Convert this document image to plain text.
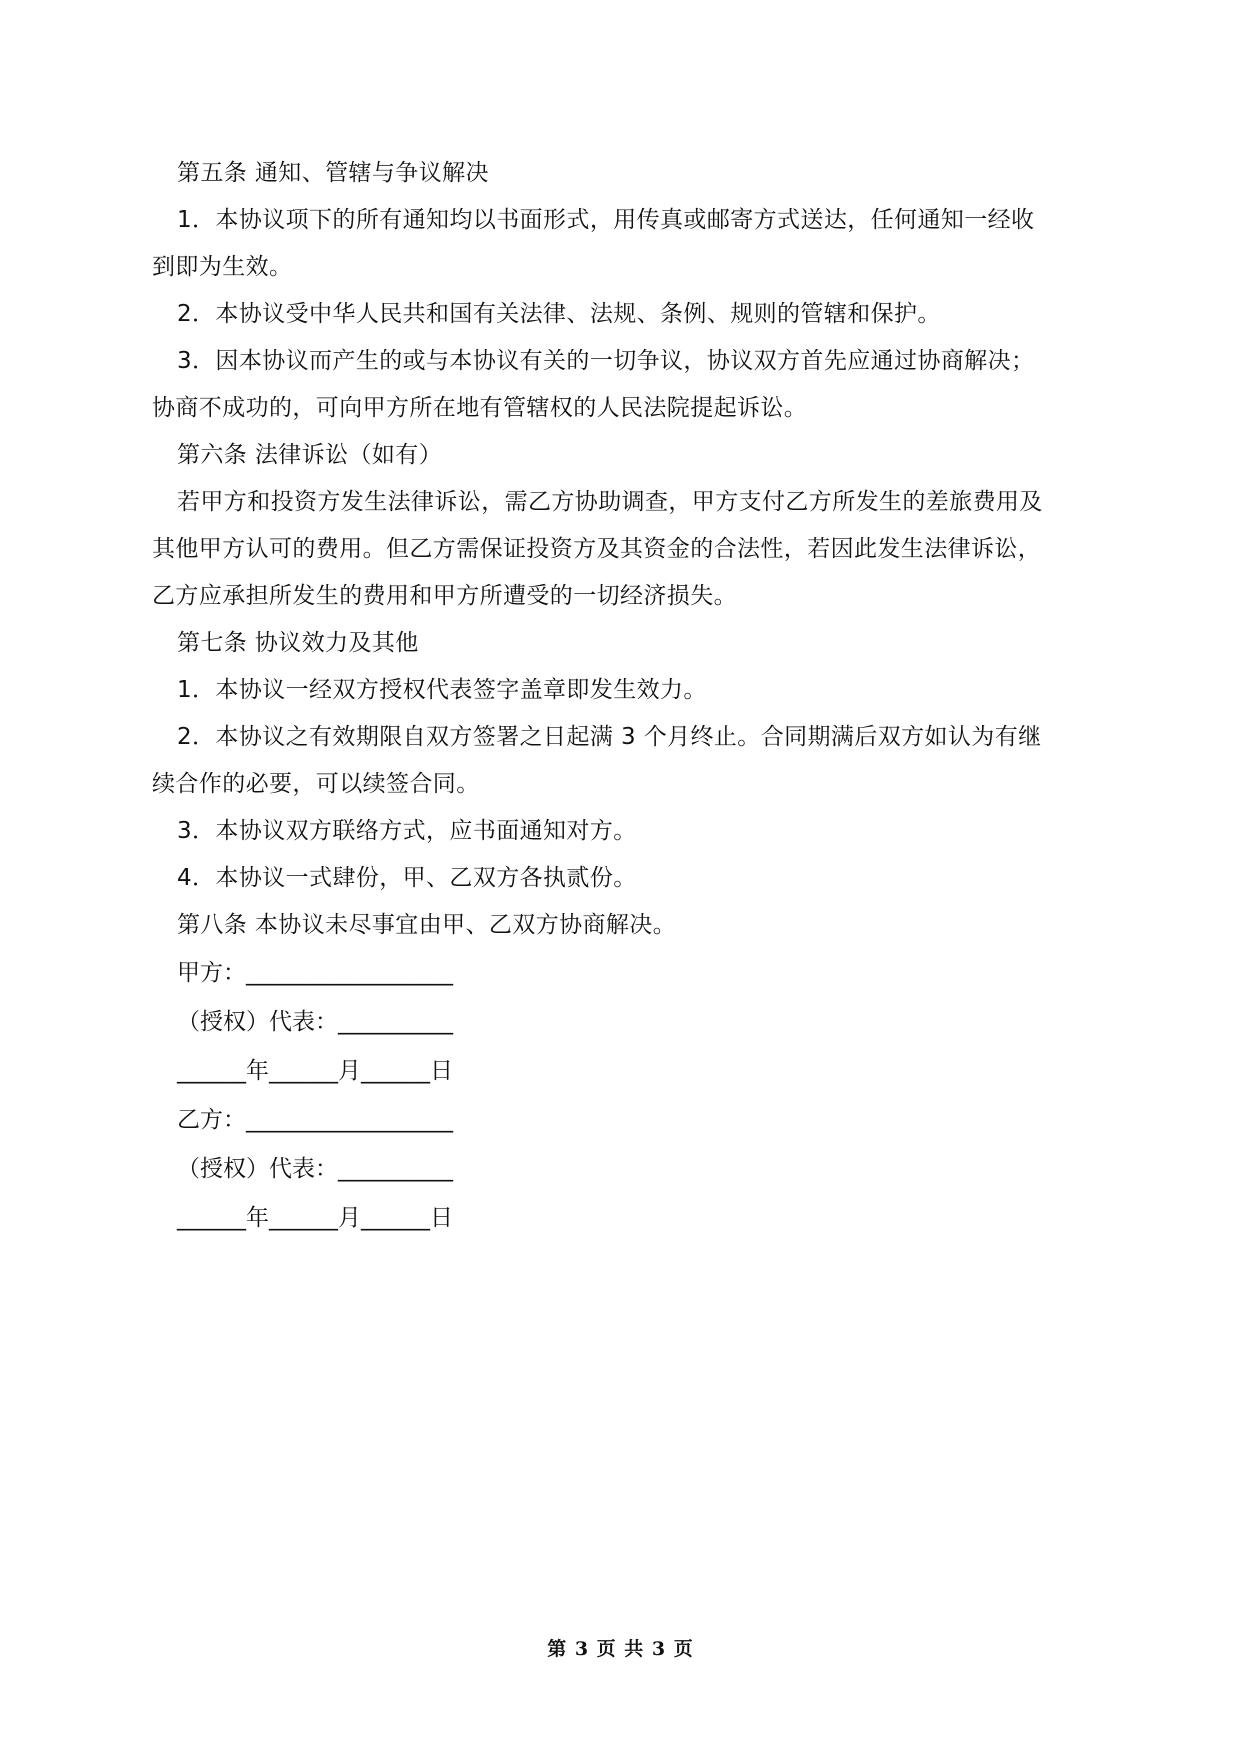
第五条 通知、管辖与争议解决

1．本协议项下的所有通知均以书面形式，用传真或邮寄方式送达，任何通知一经收
到即为生效。

2．本协议受中华人民共和国有关法律、法规、条例、规则的管辖和保护。

3．因本协议而产生的或与本协议有关的一切争议，协议双方首先应通过协商解决；
协商不成功的，可向甲方所在地有管辖权的人民法院提起诉讼。

第六条 法律诉讼（如有）

若甲方和投资方发生法律诉讼，需乙方协助调查，甲方支付乙方所发生的差旅费用及
其他甲方认可的费用。但乙方需保证投资方及其资金的合法性，若因此发生法律诉讼，
乙方应承担所发生的费用和甲方所遭受的一切经济损失。

第七条 协议效力及其他

1．本协议一经双方授权代表签字盖章即发生效力。

2．本协议之有效期限自双方签署之日起满 3 个月终止。合同期满后双方如认为有继
续合作的必要，可以续签合同。

3．本协议双方联络方式，应书面通知对方。

4．本协议一式肆份，甲、乙双方各执贰份。

第八条 本协议未尽事宜由甲、乙双方协商解决。

甲方：__________________

（授权）代表：__________

______年______月______日

乙方：__________________

（授权）代表：__________

______年______月______日

第 3 页 共 3 页
